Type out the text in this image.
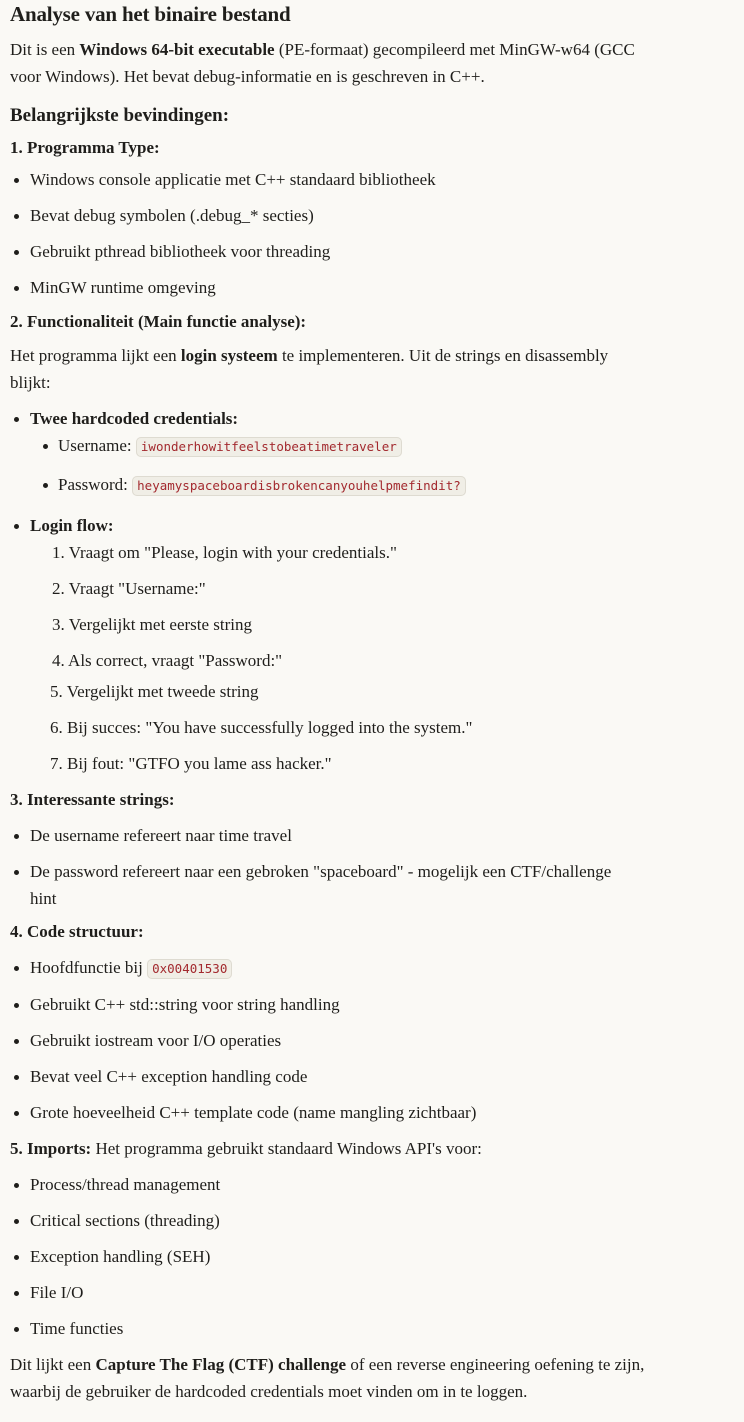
Analyse van het binaire bestand

Dit is een Windows 64-bit executable (PE-formaat) gecompileerd met MinGW-w64 (GCC
voor Windows). Het bevat debug-informatie en is geschreven in C++.

Belangrijkste bevindingen:

1. Programma Type:

Windows console applicatie met C++ standaard bibliotheek
Bevat debug symbolen (.debug_* secties)
Gebruikt pthread bibliotheek voor threading
MinGW runtime omgeving

2. Functionaliteit (Main functie analyse):

Het programma lijkt een login systeem te implementeren. Uit de strings en disassembly
blijkt:

Twee hardcoded credentials:
Username: iwonderhowitfeelstobeatimetraveler
Password: heyamyspaceboardisbrokencanyouhelpmefindit?
Login flow:
1. Vraagt om "Please, login with your credentials."
2. Vraagt "Username:"
3. Vergelijkt met eerste string
4. Als correct, vraagt "Password:"
5. Vergelijkt met tweede string
6. Bij succes: "You have successfully logged into the system."
7. Bij fout: "GTFO you lame ass hacker."

3. Interessante strings:

De username refereert naar time travel
De password refereert naar een gebroken "spaceboard" - mogelijk een CTF/challenge
hint

4. Code structuur:

Hoofdfunctie bij 0x00401530
Gebruikt C++ std::string voor string handling
Gebruikt iostream voor I/O operaties
Bevat veel C++ exception handling code
Grote hoeveelheid C++ template code (name mangling zichtbaar)

5. Imports: Het programma gebruikt standaard Windows API's voor:

Process/thread management
Critical sections (threading)
Exception handling (SEH)
File I/O
Time functies

Dit lijkt een Capture The Flag (CTF) challenge of een reverse engineering oefening te zijn,
waarbij de gebruiker de hardcoded credentials moet vinden om in te loggen.
